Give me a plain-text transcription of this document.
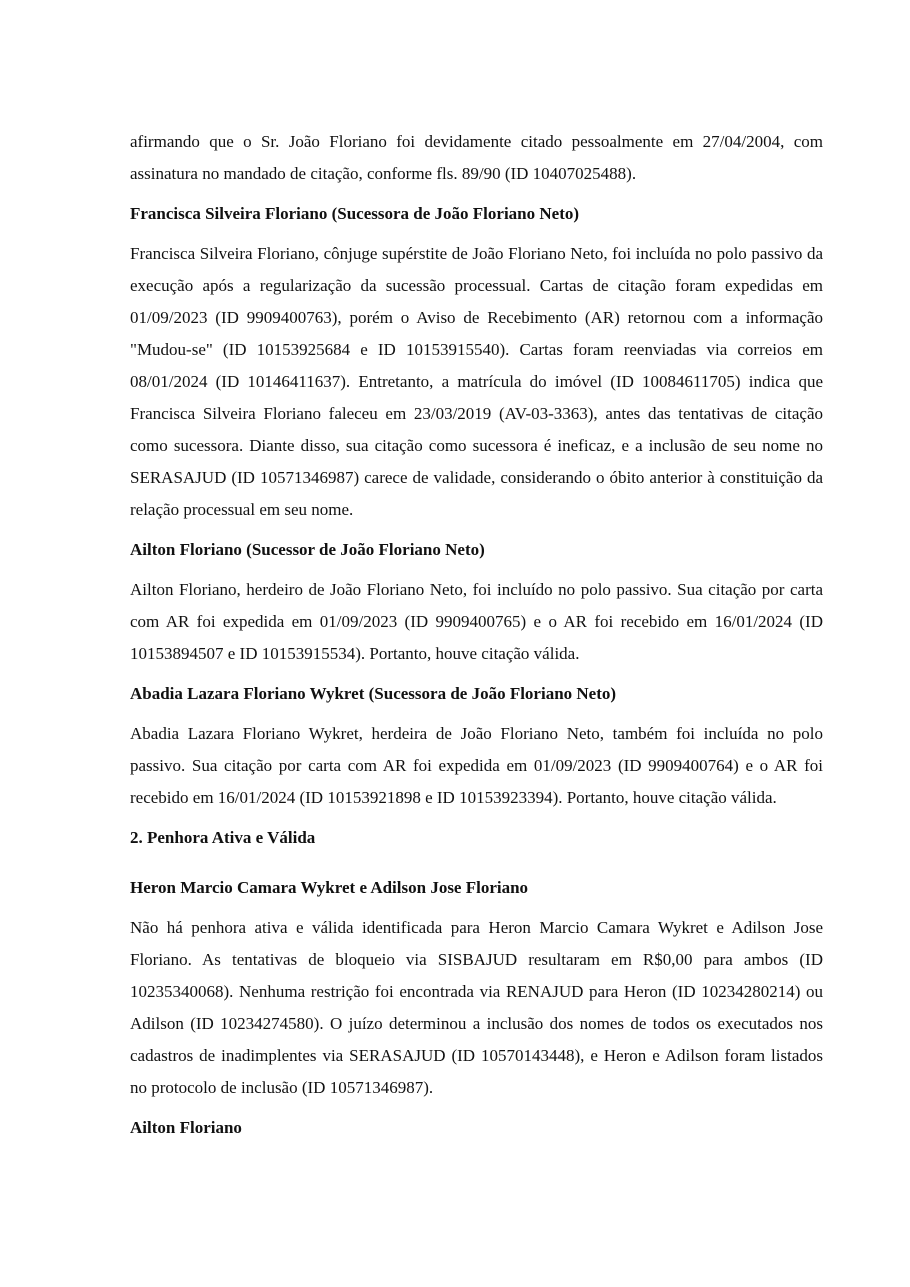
afirmando que o Sr. João Floriano foi devidamente citado pessoalmente em 27/04/2004, com assinatura no mandado de citação, conforme fls. 89/90 (ID 10407025488).

Francisca Silveira Floriano (Sucessora de João Floriano Neto)

Francisca Silveira Floriano, cônjuge supérstite de João Floriano Neto, foi incluída no polo passivo da execução após a regularização da sucessão processual. Cartas de citação foram expedidas em 01/09/2023 (ID 9909400763), porém o Aviso de Recebimento (AR) retornou com a informação "Mudou-se" (ID 10153925684 e ID 10153915540). Cartas foram reenviadas via correios em 08/01/2024 (ID 10146411637). Entretanto, a matrícula do imóvel (ID 10084611705) indica que Francisca Silveira Floriano faleceu em 23/03/2019 (AV-03-3363), antes das tentativas de citação como sucessora. Diante disso, sua citação como sucessora é ineficaz, e a inclusão de seu nome no SERASAJUD (ID 10571346987) carece de validade, considerando o óbito anterior à constituição da relação processual em seu nome.

Ailton Floriano (Sucessor de João Floriano Neto)

Ailton Floriano, herdeiro de João Floriano Neto, foi incluído no polo passivo. Sua citação por carta com AR foi expedida em 01/09/2023 (ID 9909400765) e o AR foi recebido em 16/01/2024 (ID 10153894507 e ID 10153915534). Portanto, houve citação válida.

Abadia Lazara Floriano Wykret (Sucessora de João Floriano Neto)

Abadia Lazara Floriano Wykret, herdeira de João Floriano Neto, também foi incluída no polo passivo. Sua citação por carta com AR foi expedida em 01/09/2023 (ID 9909400764) e o AR foi recebido em 16/01/2024 (ID 10153921898 e ID 10153923394). Portanto, houve citação válida.

2. Penhora Ativa e Válida

Heron Marcio Camara Wykret e Adilson Jose Floriano

Não há penhora ativa e válida identificada para Heron Marcio Camara Wykret e Adilson Jose Floriano. As tentativas de bloqueio via SISBAJUD resultaram em R$0,00 para ambos (ID 10235340068). Nenhuma restrição foi encontrada via RENAJUD para Heron (ID 10234280214) ou Adilson (ID 10234274580). O juízo determinou a inclusão dos nomes de todos os executados nos cadastros de inadimplentes via SERASAJUD (ID 10570143448), e Heron e Adilson foram listados no protocolo de inclusão (ID 10571346987).

Ailton Floriano
